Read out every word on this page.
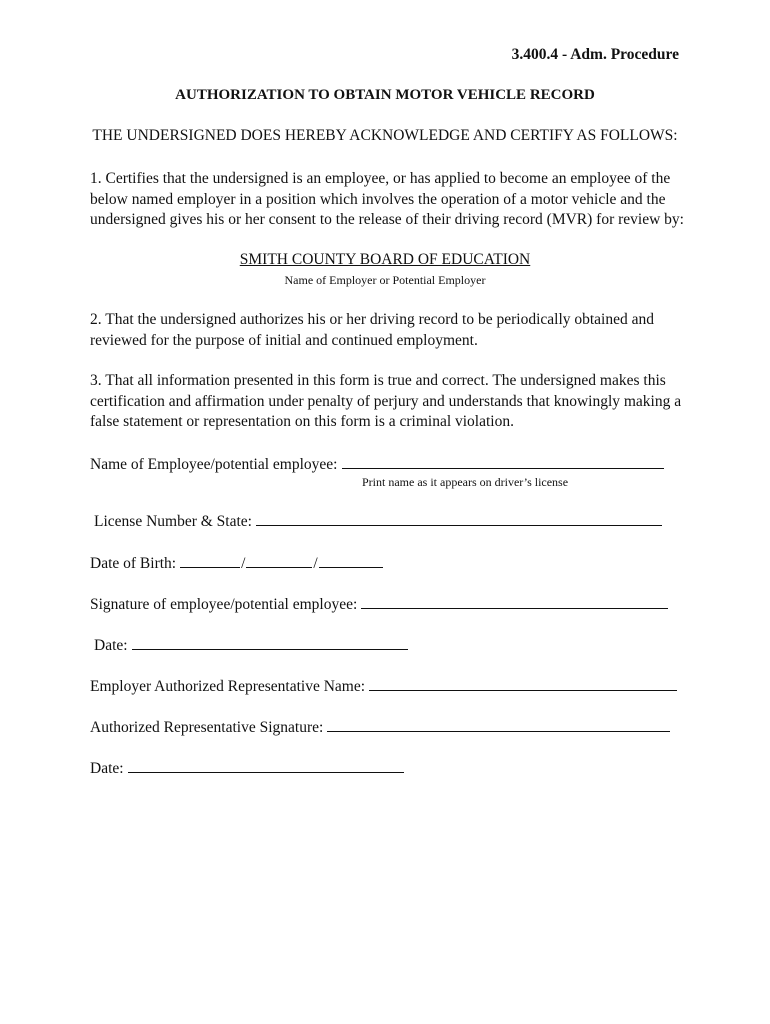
3.400.4 - Adm. Procedure

AUTHORIZATION TO OBTAIN MOTOR VEHICLE RECORD

THE UNDERSIGNED DOES HEREBY ACKNOWLEDGE AND CERTIFY AS FOLLOWS:

1. Certifies that the undersigned is an employee, or has applied to become an employee of the below named employer in a position which involves the operation of a motor vehicle and the undersigned gives his or her consent to the release of their driving record (MVR) for review by:

SMITH COUNTY BOARD OF EDUCATION

Name of Employer or Potential Employer

2. That the undersigned authorizes his or her driving record to be periodically obtained and reviewed for the purpose of initial and continued employment.

3. That all information presented in this form is true and correct. The undersigned makes this certification and affirmation under penalty of perjury and understands that knowingly making a false statement or representation on this form is a criminal violation.

Name of Employee/potential employee:

Print name as it appears on driver’s license

License Number & State:
Date of Birth:	/	/
Signature of employee/potential employee:
Date:
Employer Authorized Representative Name:
Authorized Representative Signature:
Date:
